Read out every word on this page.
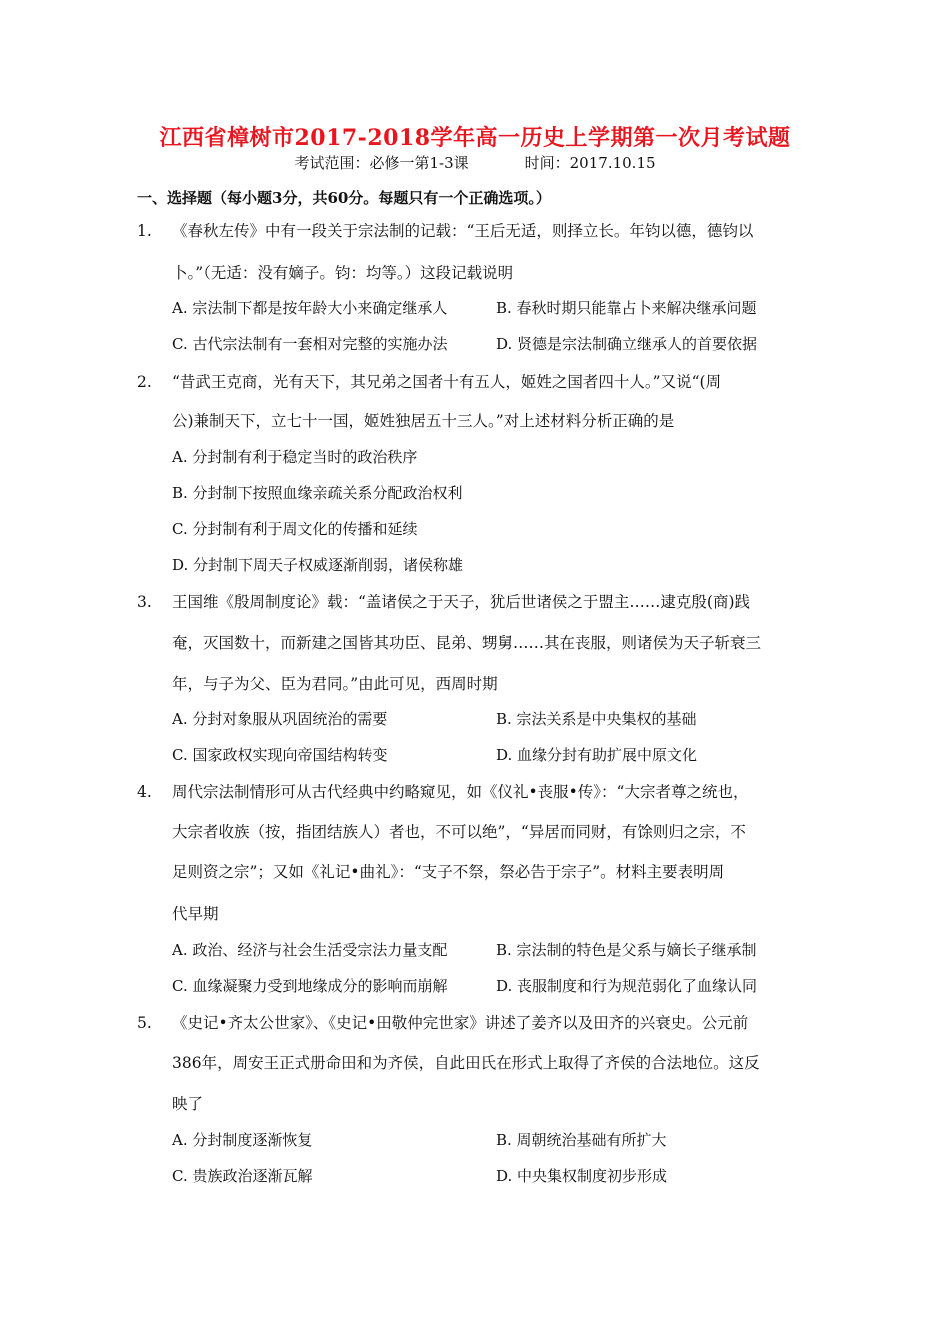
江西省樟树市2017-2018学年高一历史上学期第一次月考试题
考试范围：必修一第1-3课	时间：2017.10.15
一、选择题（每小题3分，共60分。每题只有一个正确选项。）
1. 《春秋左传》中有一段关于宗法制的记载：“王后无适，则择立长。年钧以德，德钧以
卜。”（无适：没有嫡子。钧：均等。）这段记载说明
A. 宗法制下都是按年龄大小来确定继承人	B. 春秋时期只能靠占卜来解决继承问题
C. 古代宗法制有一套相对完整的实施办法	D. 贤德是宗法制确立继承人的首要依据
2. “昔武王克商，光有天下，其兄弟之国者十有五人，姬姓之国者四十人。”又说“(周
公)兼制天下，立七十一国，姬姓独居五十三人。”对上述材料分析正确的是
A. 分封制有利于稳定当时的政治秩序
B. 分封制下按照血缘亲疏关系分配政治权利
C. 分封制有利于周文化的传播和延续
D. 分封制下周天子权威逐渐削弱，诸侯称雄
3. 王国维《殷周制度论》载：“盖诸侯之于天子，犹后世诸侯之于盟主……逮克殷(商)践
奄，灭国数十，而新建之国皆其功臣、昆弟、甥舅……其在丧服，则诸侯为天子斩衰三
年，与子为父、臣为君同。”由此可见，西周时期
A. 分封对象服从巩固统治的需要	B. 宗法关系是中央集权的基础
C. 国家政权实现向帝国结构转变	D. 血缘分封有助扩展中原文化
4. 周代宗法制情形可从古代经典中约略窥见，如《仪礼•丧服•传》：“大宗者尊之统也，
大宗者收族（按，指团结族人）者也，不可以绝”，“异居而同财，有馀则归之宗，不
足则资之宗”；又如《礼记•曲礼》：“支子不祭，祭必告于宗子”。材料主要表明周
代早期
A. 政治、经济与社会生活受宗法力量支配	B. 宗法制的特色是父系与嫡长子继承制
C. 血缘凝聚力受到地缘成分的影响而崩解	D. 丧服制度和行为规范弱化了血缘认同
5. 《史记•齐太公世家》、《史记•田敬仲完世家》讲述了姜齐以及田齐的兴衰史。公元前
386年，周安王正式册命田和为齐侯，自此田氏在形式上取得了齐侯的合法地位。这反
映了
A. 分封制度逐渐恢复	B. 周朝统治基础有所扩大
C. 贵族政治逐渐瓦解	D. 中央集权制度初步形成
